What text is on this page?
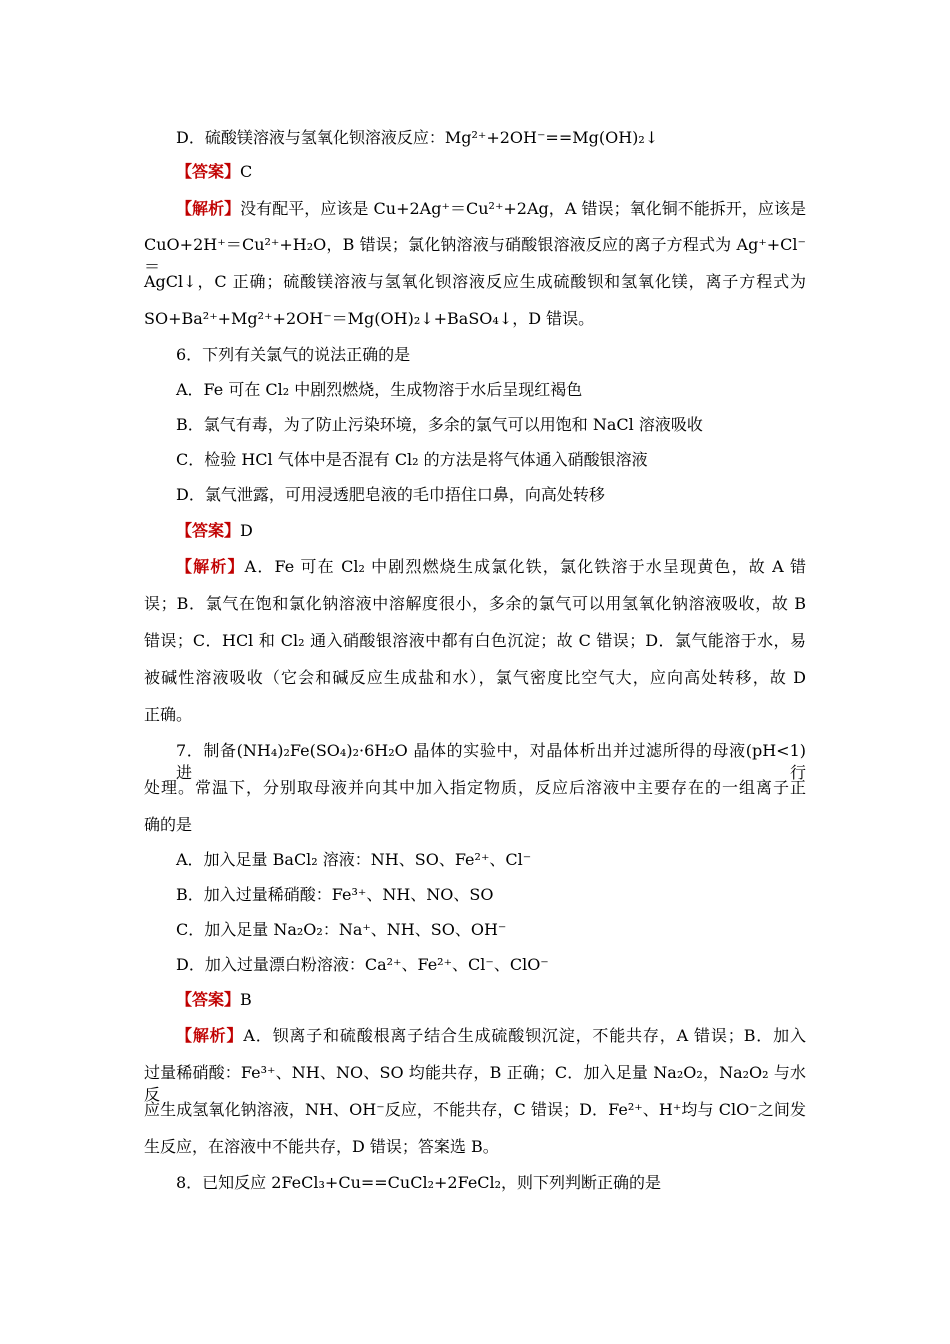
D．硫酸镁溶液与氢氧化钡溶液反应：Mg²⁺+2OH⁻==Mg(OH)₂↓
【答案】C
【解析】没有配平，应该是 Cu+2Ag⁺＝Cu²⁺+2Ag，A 错误；氧化铜不能拆开，应该是
CuO+2H⁺＝Cu²⁺+H₂O，B 错误；氯化钠溶液与硝酸银溶液反应的离子方程式为 Ag⁺+Cl⁻＝
AgCl↓，C 正确；硫酸镁溶液与氢氧化钡溶液反应生成硫酸钡和氢氧化镁，离子方程式为
SO+Ba²⁺+Mg²⁺+2OH⁻＝Mg(OH)₂↓+BaSO₄↓，D 错误。
6．下列有关氯气的说法正确的是
A．Fe 可在 Cl₂ 中剧烈燃烧，生成物溶于水后呈现红褐色
B．氯气有毒，为了防止污染环境，多余的氯气可以用饱和 NaCl 溶液吸收
C．检验 HCl 气体中是否混有 Cl₂ 的方法是将气体通入硝酸银溶液
D．氯气泄露，可用浸透肥皂液的毛巾捂住口鼻，向高处转移
【答案】D
【解析】A．Fe 可在 Cl₂ 中剧烈燃烧生成氯化铁，氯化铁溶于水呈现黄色，故 A 错
误；B．氯气在饱和氯化钠溶液中溶解度很小，多余的氯气可以用氢氧化钠溶液吸收，故 B
错误；C．HCl 和 Cl₂ 通入硝酸银溶液中都有白色沉淀；故 C 错误；D．氯气能溶于水，易
被碱性溶液吸收（它会和碱反应生成盐和水），氯气密度比空气大，应向高处转移，故 D
正确。
7．制备(NH₄)₂Fe(SO₄)₂·6H₂O 晶体的实验中，对晶体析出并过滤所得的母液(pH<1)进行
处理。常温下，分别取母液并向其中加入指定物质，反应后溶液中主要存在的一组离子正
确的是
A．加入足量 BaCl₂ 溶液：NH、SO、Fe²⁺、Cl⁻
B．加入过量稀硝酸：Fe³⁺、NH、NO、SO
C．加入足量 Na₂O₂：Na⁺、NH、SO、OH⁻
D．加入过量漂白粉溶液：Ca²⁺、Fe²⁺、Cl⁻、ClO⁻
【答案】B
【解析】A．钡离子和硫酸根离子结合生成硫酸钡沉淀，不能共存，A 错误；B．加入
过量稀硝酸：Fe³⁺、NH、NO、SO 均能共存，B 正确；C．加入足量 Na₂O₂，Na₂O₂ 与水反
应生成氢氧化钠溶液，NH、OH⁻反应，不能共存，C 错误；D．Fe²⁺、H⁺均与 ClO⁻之间发
生反应，在溶液中不能共存，D 错误；答案选 B。
8．已知反应 2FeCl₃+Cu==CuCl₂+2FeCl₂，则下列判断正确的是
